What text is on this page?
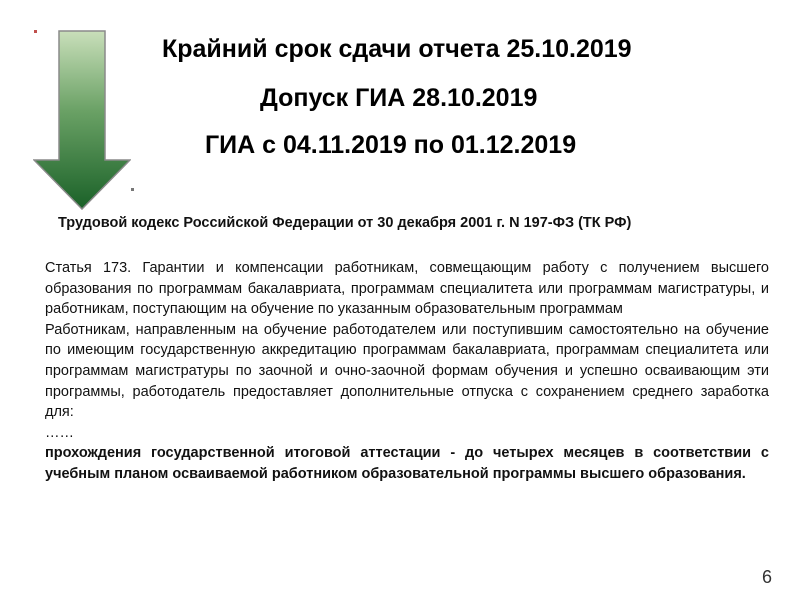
Крайний срок сдачи отчета 25.10.2019
Допуск ГИА 28.10.2019
ГИА с 04.11.2019 по 01.12.2019
Трудовой кодекс Российской Федерации от 30 декабря 2001 г. N 197-ФЗ (ТК РФ)

Статья 173. Гарантии и компенсации работникам, совмещающим работу с получением высшего образования по программам бакалавриата, программам специалитета или программам магистратуры, и работникам, поступающим на обучение по указанным образовательным программам

Работникам, направленным на обучение работодателем или поступившим самостоятельно на обучение по имеющим государственную аккредитацию программам бакалавриата, программам специалитета или программам магистратуры по заочной и очно-заочной формам обучения и успешно осваивающим эти программы, работодатель предоставляет дополнительные отпуска с сохранением среднего заработка для:

……

прохождения государственной итоговой аттестации - до четырех месяцев в соответствии с учебным планом осваиваемой работником образовательной программы высшего образования.

6
